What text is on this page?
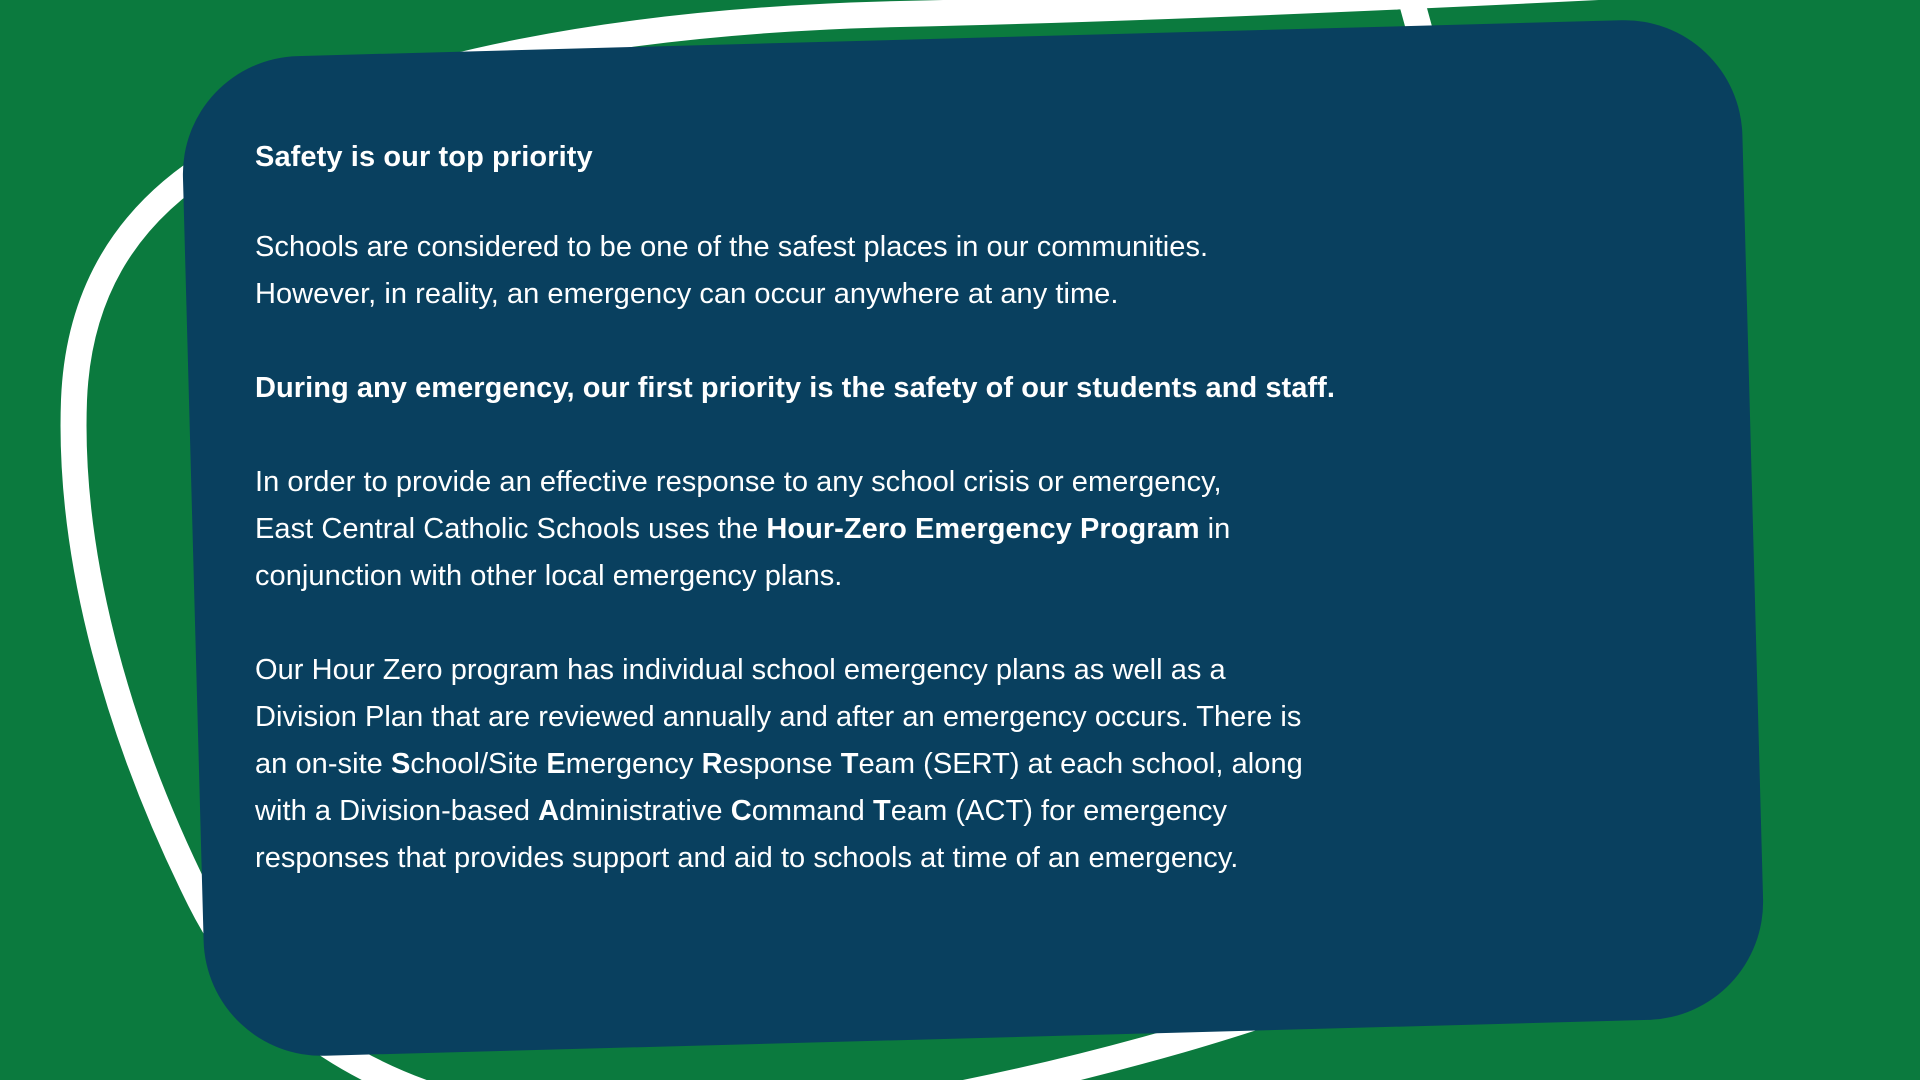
Safety is our top priority

Schools are considered to be one of the safest places in our communities.
However, in reality, an emergency can occur anywhere at any time.

During any emergency, our first priority is the safety of our students and staff.

In order to provide an effective response to any school crisis or emergency,
East Central Catholic Schools uses the Hour-Zero Emergency Program in
conjunction with other local emergency plans.

Our Hour Zero program has individual school emergency plans as well as a
Division Plan that are reviewed annually and after an emergency occurs. There is
an on-site School/Site Emergency Response Team (SERT) at each school, along
with a Division-based Administrative Command Team (ACT) for emergency
responses that provides support and aid to schools at time of an emergency.
